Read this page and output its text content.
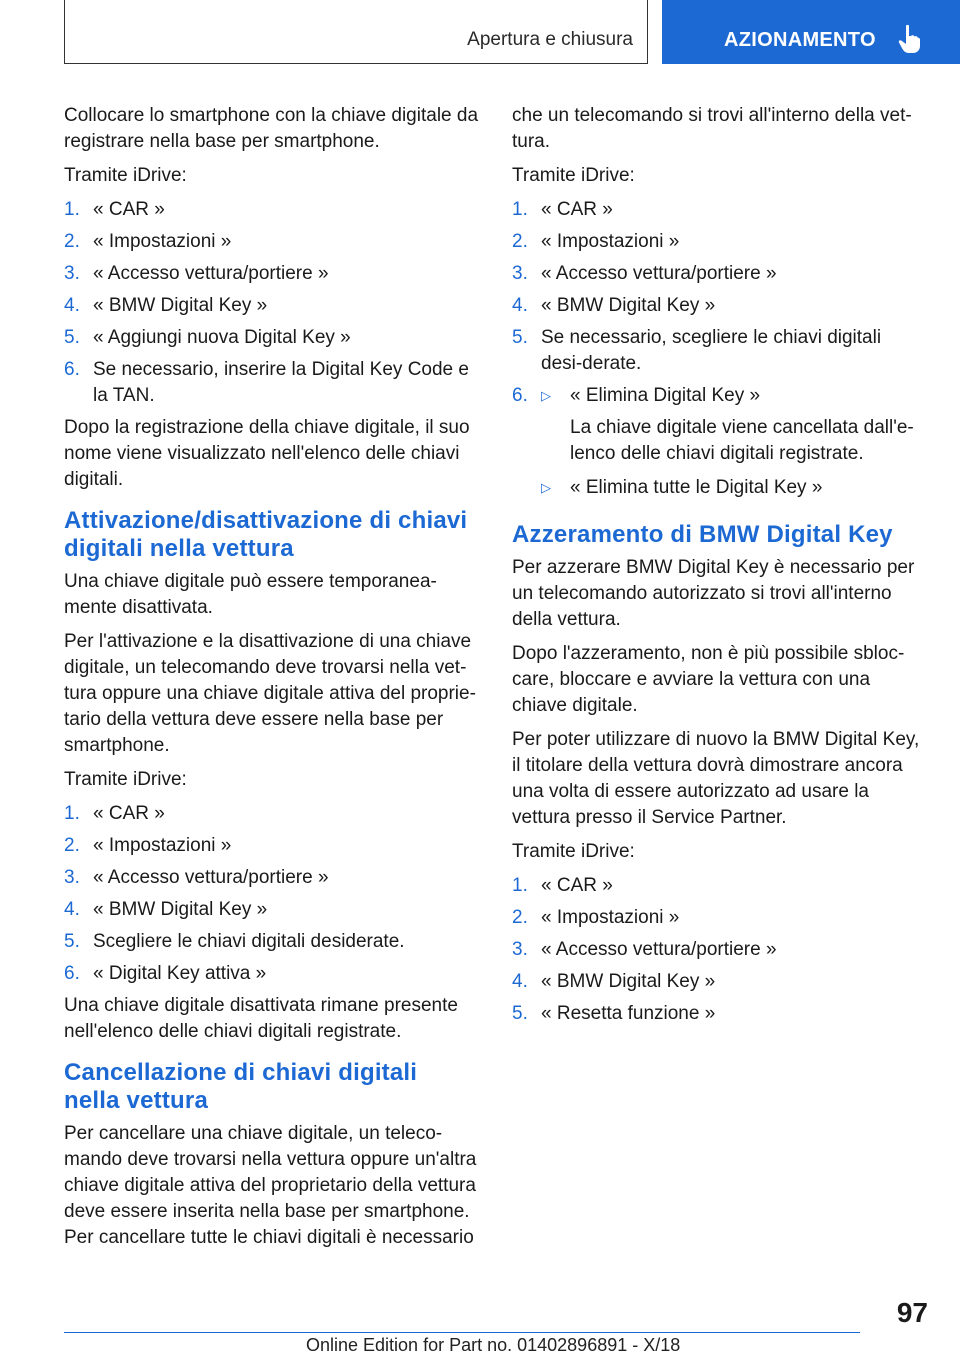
Apertura e chiusura	AZIONAMENTO

Collocare lo smartphone con la chiave digitale da registrare nella base per smartphone.

Tramite iDrive:

1. « CAR »
2. « Impostazioni »
3. « Accesso vettura/portiere »
4. « BMW Digital Key »
5. « Aggiungi nuova Digital Key »
6. Se necessario, inserire la Digital Key Code e la TAN.

Dopo la registrazione della chiave digitale, il suo nome viene visualizzato nell'elenco delle chiavi digitali.

Attivazione/disattivazione di chiavi digitali nella vettura

Una chiave digitale può essere temporanea-mente disattivata.

Per l'attivazione e la disattivazione di una chiave digitale, un telecomando deve trovarsi nella vet-tura oppure una chiave digitale attiva del proprie-tario della vettura deve essere nella base per smartphone.

Tramite iDrive:

1. « CAR »
2. « Impostazioni »
3. « Accesso vettura/portiere »
4. « BMW Digital Key »
5. Scegliere le chiavi digitali desiderate.
6. « Digital Key attiva »

Una chiave digitale disattivata rimane presente nell'elenco delle chiavi digitali registrate.

Cancellazione di chiavi digitali nella vettura

Per cancellare una chiave digitale, un teleco-mando deve trovarsi nella vettura oppure un'altra chiave digitale attiva del proprietario della vettura deve essere inserita nella base per smartphone. Per cancellare tutte le chiavi digitali è necessario

che un telecomando si trovi all'interno della vet-tura.

Tramite iDrive:

1. « CAR »
2. « Impostazioni »
3. « Accesso vettura/portiere »
4. « BMW Digital Key »
5. Se necessario, scegliere le chiavi digitali desi-derate.
6.	▷	« Elimina Digital Key »
La chiave digitale viene cancellata dall'e-lenco delle chiavi digitali registrate.
▷	« Elimina tutte le Digital Key »
Azzeramento di BMW Digital Key

Per azzerare BMW Digital Key è necessario per un telecomando autorizzato si trovi all'interno della vettura.

Dopo l'azzeramento, non è più possibile sbloc-care, bloccare e avviare la vettura con una chiave digitale.

Per poter utilizzare di nuovo la BMW Digital Key, il titolare della vettura dovrà dimostrare ancora una volta di essere autorizzato ad usare la vettura presso il Service Partner.

Tramite iDrive:

1. « CAR »
2. « Impostazioni »
3. « Accesso vettura/portiere »
4. « BMW Digital Key »
5. « Resetta funzione »
97
Online Edition for Part no. 01402896891 - X/18
